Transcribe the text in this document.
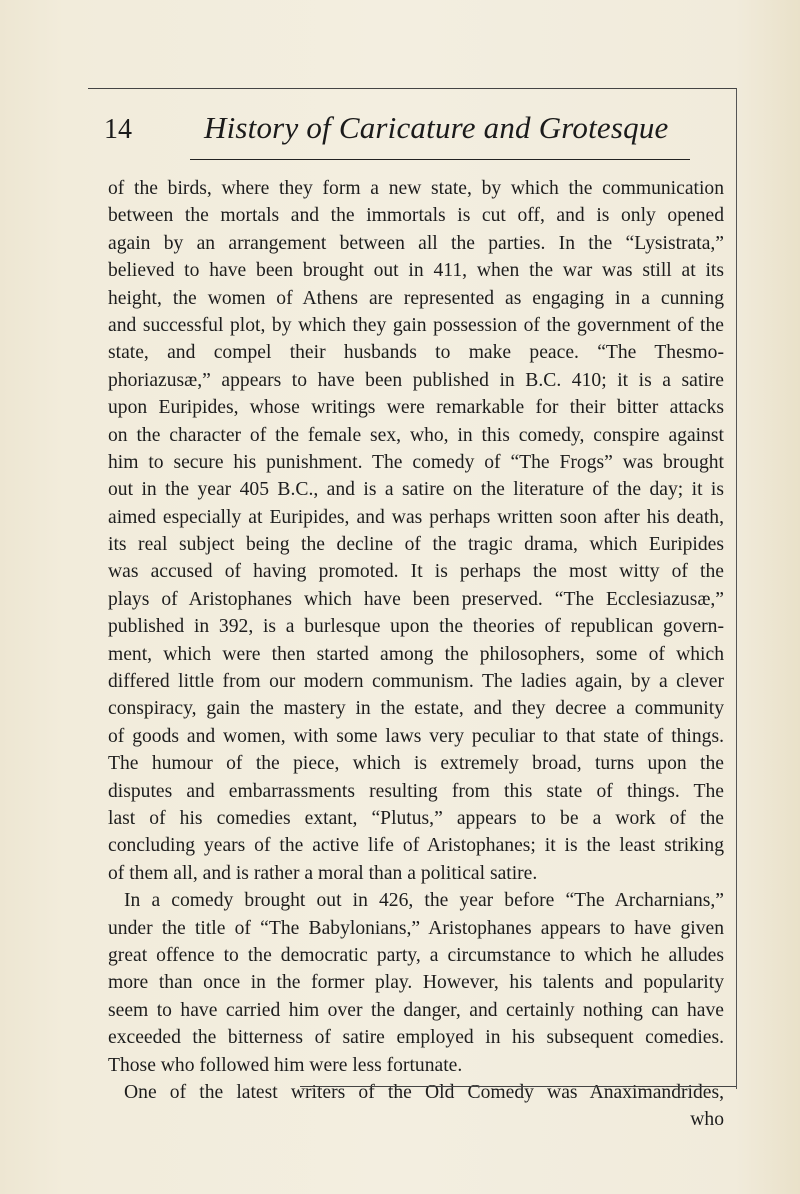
14 History of Caricature and Grotesque
of the birds, where they form a new state, by which the communication
between the mortals and the immortals is cut off, and is only opened
again by an arrangement between all the parties. In the “Lysistrata,”
believed to have been brought out in 411, when the war was still at its
height, the women of Athens are represented as engaging in a cunning
and successful plot, by which they gain possession of the government of the
state, and compel their husbands to make peace. “The Thesmo-
phoriazusæ,” appears to have been published in B.C. 410; it is a satire
upon Euripides, whose writings were remarkable for their bitter attacks
on the character of the female sex, who, in this comedy, conspire against
him to secure his punishment. The comedy of “The Frogs” was brought
out in the year 405 B.C., and is a satire on the literature of the day; it is
aimed especially at Euripides, and was perhaps written soon after his death,
its real subject being the decline of the tragic drama, which Euripides
was accused of having promoted. It is perhaps the most witty of the
plays of Aristophanes which have been preserved. “The Ecclesiazusæ,”
published in 392, is a burlesque upon the theories of republican govern-
ment, which were then started among the philosophers, some of which
differed little from our modern communism. The ladies again, by a clever
conspiracy, gain the mastery in the estate, and they decree a community
of goods and women, with some laws very peculiar to that state of things.
The humour of the piece, which is extremely broad, turns upon the
disputes and embarrassments resulting from this state of things. The
last of his comedies extant, “Plutus,” appears to be a work of the
concluding years of the active life of Aristophanes; it is the least striking
of them all, and is rather a moral than a political satire.
In a comedy brought out in 426, the year before “The Archarnians,”
under the title of “The Babylonians,” Aristophanes appears to have given
great offence to the democratic party, a circumstance to which he alludes
more than once in the former play. However, his talents and popularity
seem to have carried him over the danger, and certainly nothing can have
exceeded the bitterness of satire employed in his subsequent comedies.
Those who followed him were less fortunate.
One of the latest writers of the Old Comedy was Anaximandrides,
who
